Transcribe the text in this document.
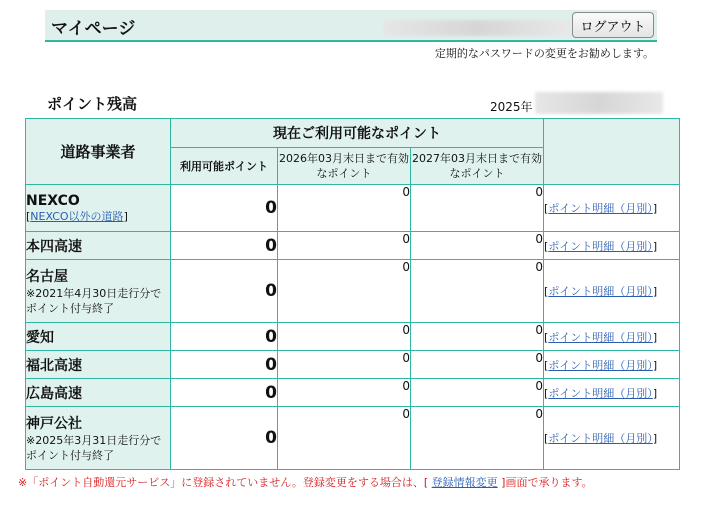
マイページ	ログアウト
定期的なパスワードの変更をお勧めします。
ポイント残高	2025年
道路事業者	現在ご利用可能なポイント			
	利用可能ポイント	2026年03月末日まで有効なポイント	2027年03月末日まで有効なポイント	
NEXCO
[NEXCO以外の道路]	0	0	0	[ポイント明細（月別）]
本四高速	0	0	0	[ポイント明細（月別）]
名古屋
※2021年4月30日走行分でポイント付与終了	0	0	0	[ポイント明細（月別）]
愛知	0	0	0	[ポイント明細（月別）]
福北高速	0	0	0	[ポイント明細（月別）]
広島高速	0	0	0	[ポイント明細（月別）]
神戸公社
※2025年3月31日走行分でポイント付与終了	0	0	0	[ポイント明細（月別）]
※「ポイント自動還元サービス」に登録されていません。登録変更をする場合は、[ 登録情報変更 ]画面で承ります。
